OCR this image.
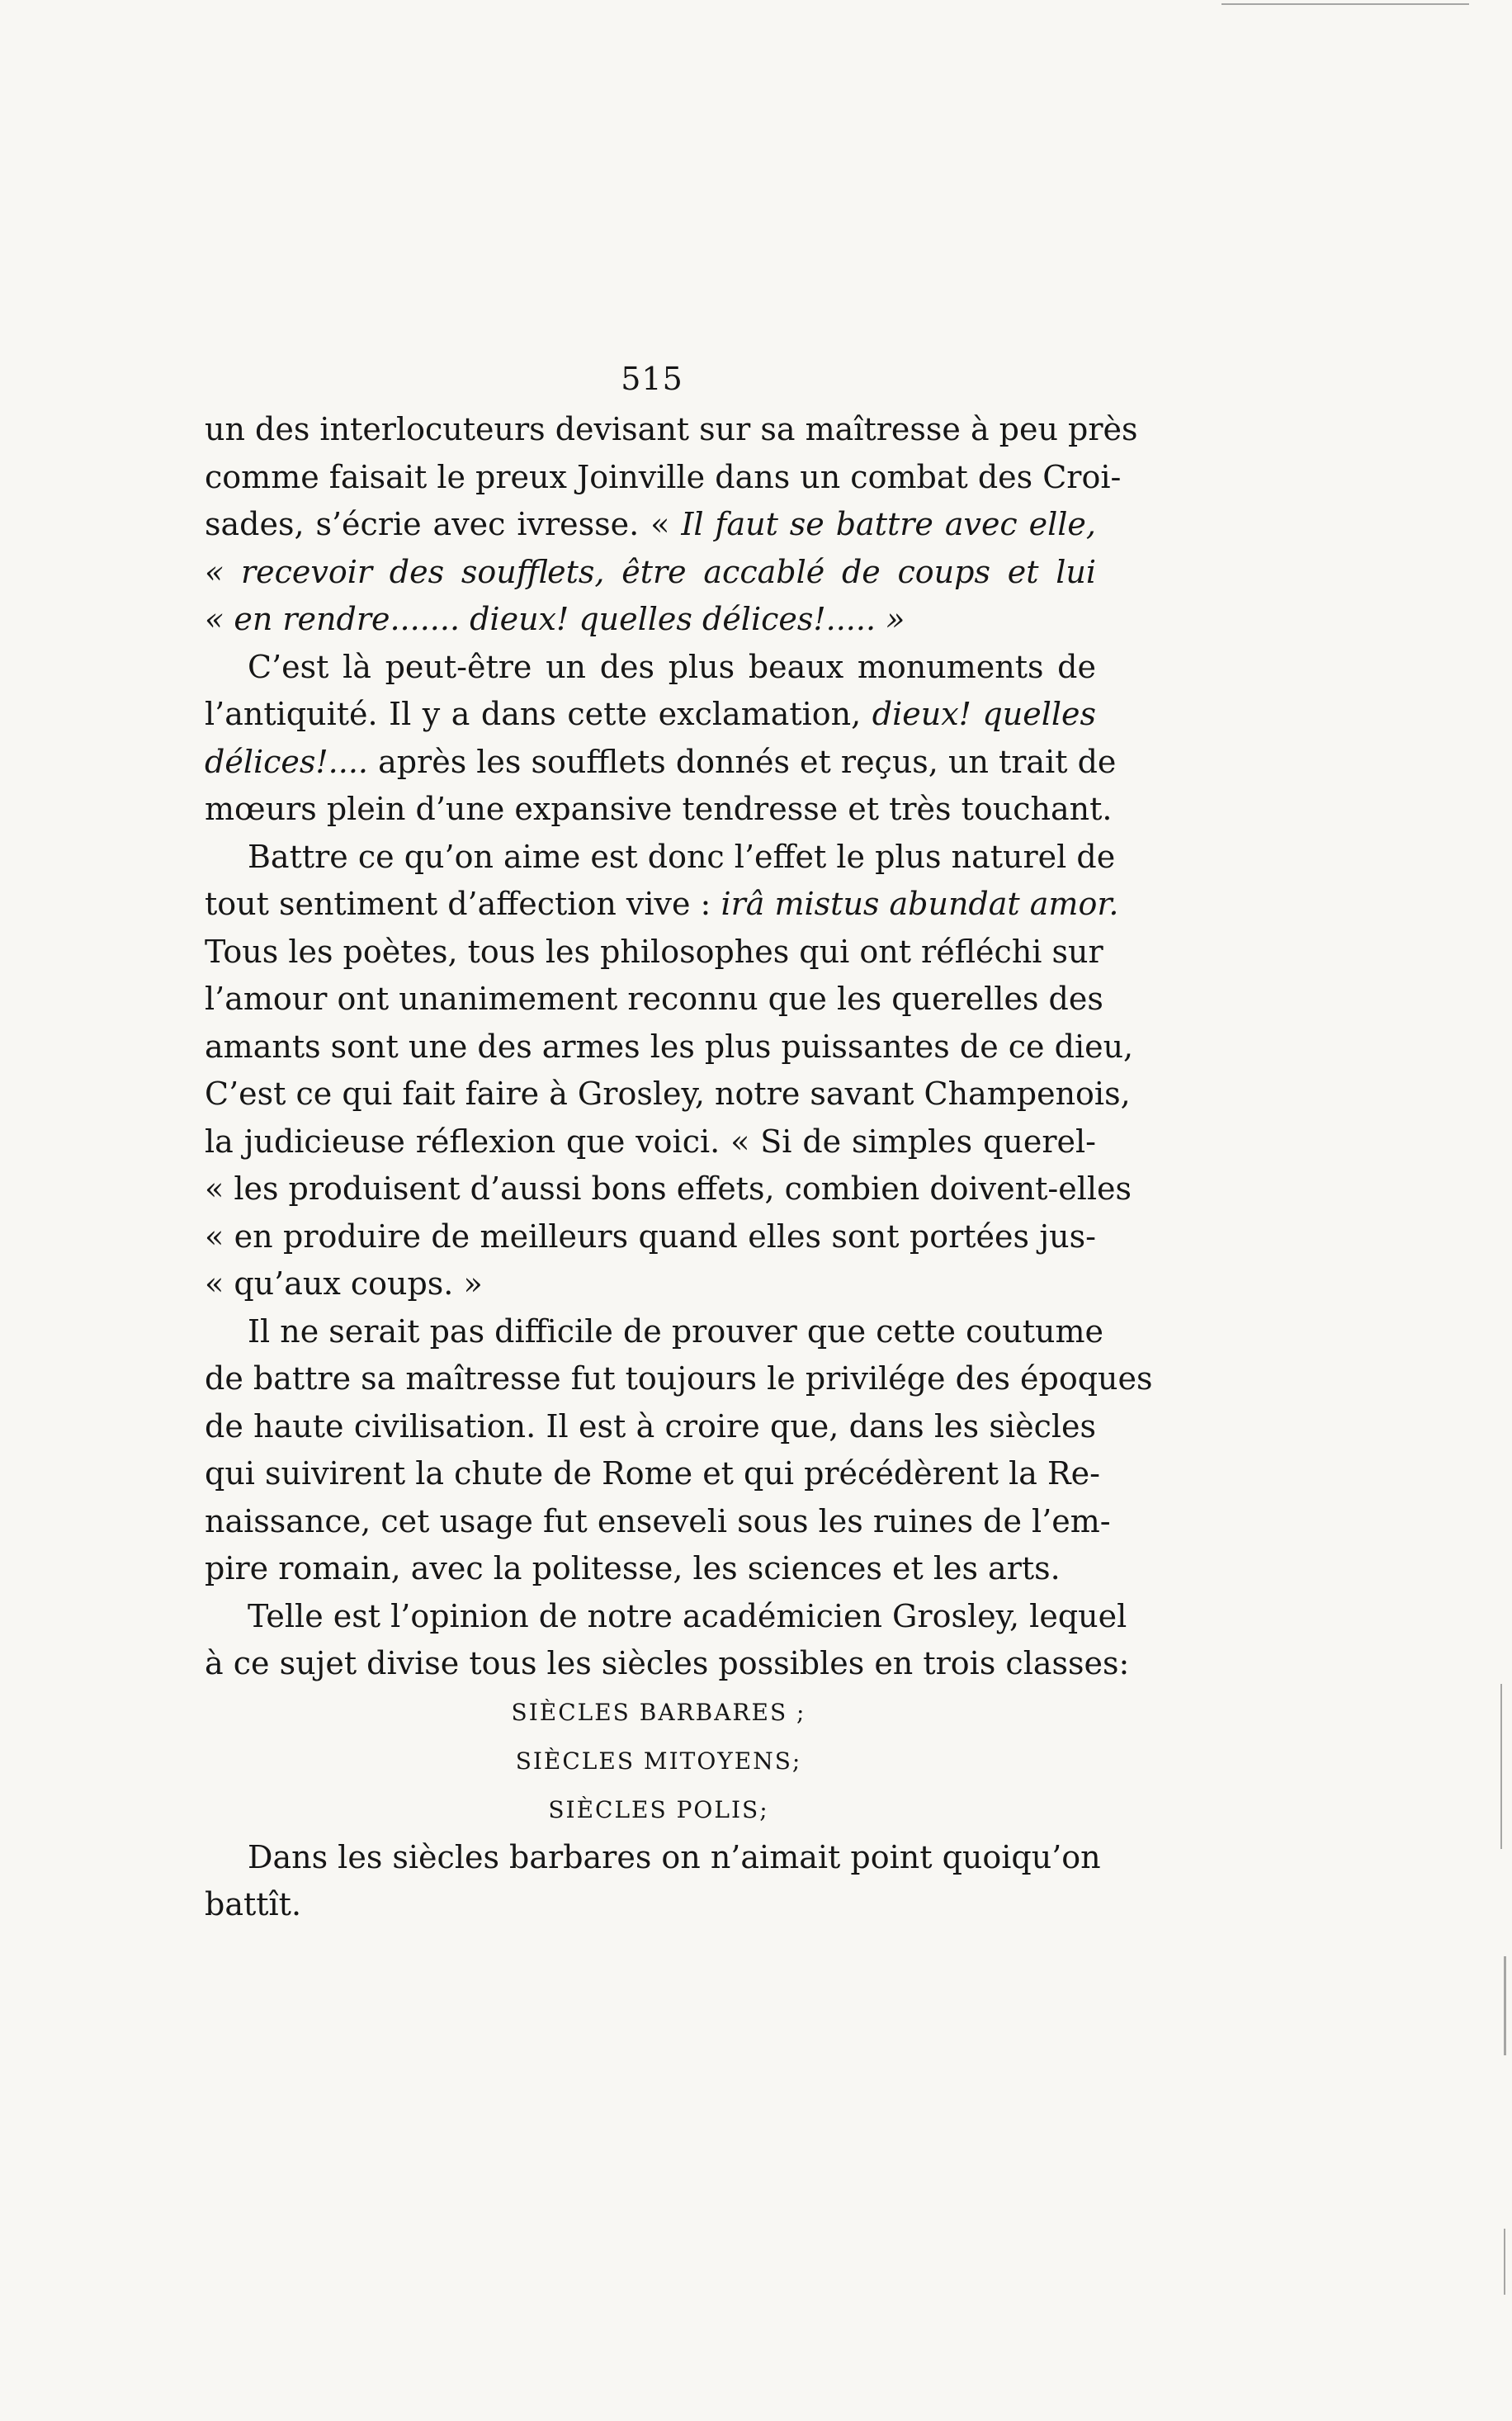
515
un des interlocuteurs devisant sur sa maîtresse à peu près
comme faisait le preux Joinville dans un combat des Croi-
sades, s’écrie avec ivresse. « Il faut se battre avec elle,
« recevoir des soufflets, être accablé de coups et lui
« en rendre....... dieux! quelles délices!..... »
C’est là peut-être un des plus beaux monuments de
l’antiquité. Il y a dans cette exclamation, dieux! quelles
délices!.... après les soufflets donnés et reçus, un trait de
mœurs plein d’une expansive tendresse et très touchant.
Battre ce qu’on aime est donc l’effet le plus naturel de
tout sentiment d’affection vive : irâ mistus abundat amor.
Tous les poètes, tous les philosophes qui ont réfléchi sur
l’amour ont unanimement reconnu que les querelles des
amants sont une des armes les plus puissantes de ce dieu,
C’est ce qui fait faire à Grosley, notre savant Champenois,
la judicieuse réflexion que voici. « Si de simples querel-
« les produisent d’aussi bons effets, combien doivent-elles
« en produire de meilleurs quand elles sont portées jus-
« qu’aux coups. »
Il ne serait pas difficile de prouver que cette coutume
de battre sa maîtresse fut toujours le privilége des époques
de haute civilisation. Il est à croire que, dans les siècles
qui suivirent la chute de Rome et qui précédèrent la Re-
naissance, cet usage fut enseveli sous les ruines de l’em-
pire romain, avec la politesse, les sciences et les arts.
Telle est l’opinion de notre académicien Grosley, lequel
à ce sujet divise tous les siècles possibles en trois classes:
SIÈCLES BARBARES ;
SIÈCLES MITOYENS;
SIÈCLES POLIS;
Dans les siècles barbares on n’aimait point quoiqu’on
battît.
